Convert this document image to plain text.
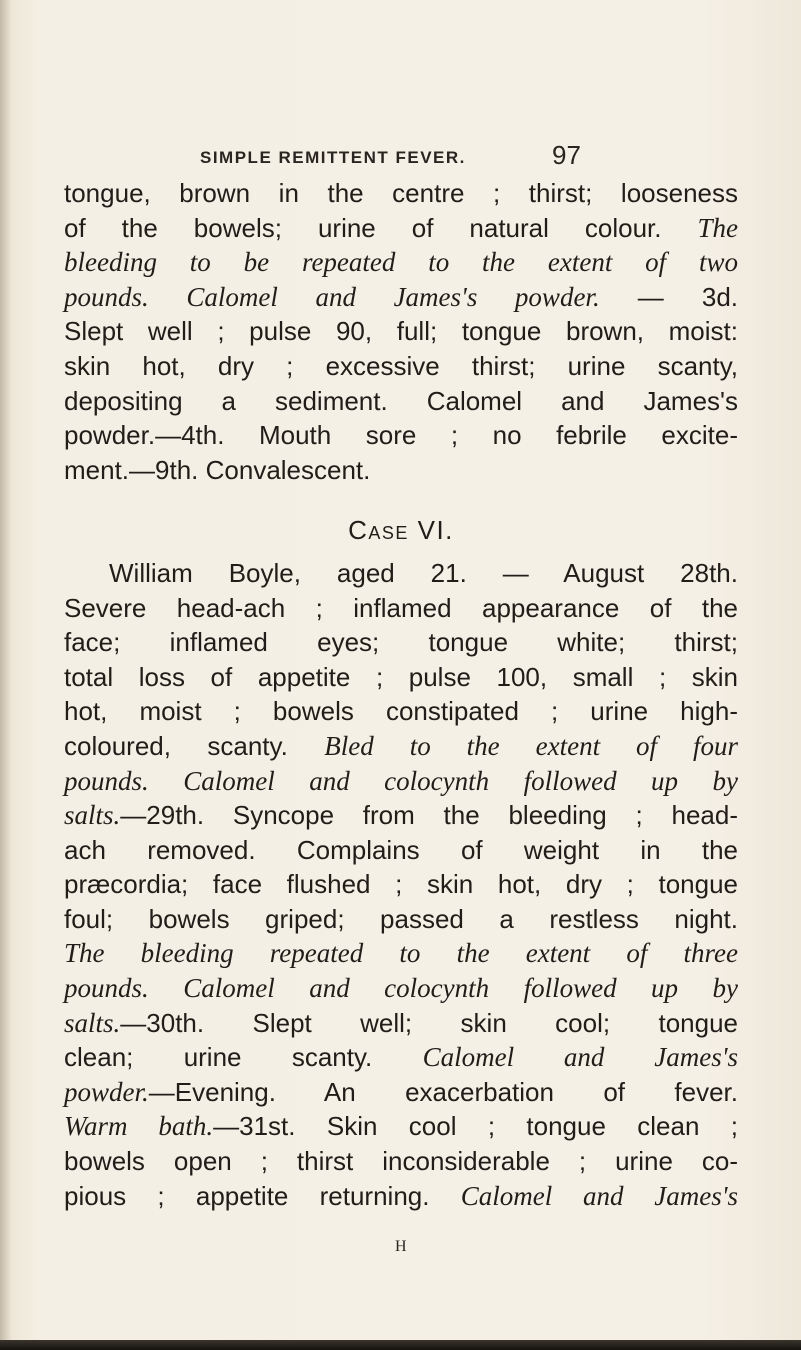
SIMPLE REMITTENT FEVER.	97
tongue, brown in the centre ; thirst; looseness
of the bowels; urine of natural colour. The
bleeding to be repeated to the extent of two
pounds. Calomel and James's powder. — 3d.
Slept well ; pulse 90, full; tongue brown, moist:
skin hot, dry ; excessive thirst; urine scanty,
depositing a sediment. Calomel and James's
powder.—4th. Mouth sore ; no febrile excite-
ment.—9th. Convalescent.
Case VI.
William Boyle, aged 21. — August 28th.
Severe head-ach ; inflamed appearance of the
face; inflamed eyes; tongue white; thirst;
total loss of appetite ; pulse 100, small ; skin
hot, moist ; bowels constipated ; urine high-
coloured, scanty. Bled to the extent of four
pounds. Calomel and colocynth followed up by
salts.—29th. Syncope from the bleeding ; head-
ach removed. Complains of weight in the
præcordia; face flushed ; skin hot, dry ; tongue
foul; bowels griped; passed a restless night.
The bleeding repeated to the extent of three
pounds. Calomel and colocynth followed up by
salts.—30th. Slept well; skin cool; tongue
clean; urine scanty. Calomel and James's
powder.—Evening. An exacerbation of fever.
Warm bath.—31st. Skin cool ; tongue clean ;
bowels open ; thirst inconsiderable ; urine co-
pious ; appetite returning. Calomel and James's
H
